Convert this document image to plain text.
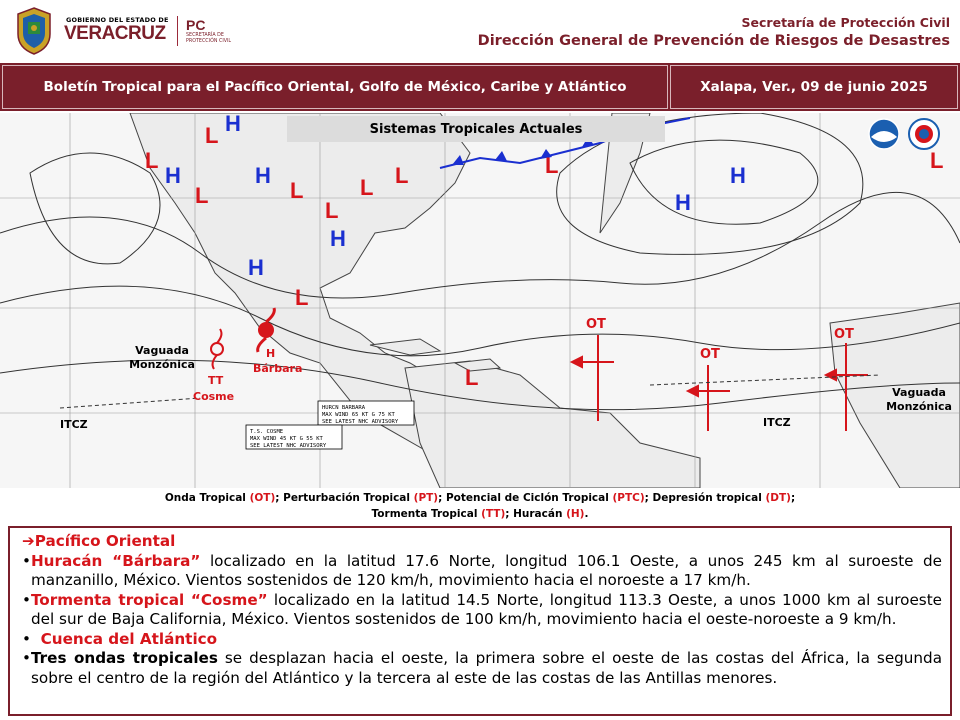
GOBIERNO DEL ESTADO DE
VERACRUZ PC
SECRETARÍA DE PROTECCIÓN CIVIL
Secretaría de Protección Civil
Dirección General de Prevención de Riesgos de Desastres
Boletín Tropical para el Pacífico Oriental, Golfo de México, Caribe y Atlántico	Xalapa, Ver., 09 de junio 2025
L
H
L H
L
H
L
L
H
L L
H
L
L
H
H
L
L
HURCN BARBARA
MAX WIND 65 KT G 75 KT
SEE LATEST NHC ADVISORY
T.S. COSME
MAX WIND 45 KT G 55 KT
SEE LATEST NHC ADVISORY
Sistemas Tropicales Actuales
Vaguada Monzónica
H
Bárbara
TT
Cosme
ITCZ	ITCZ
OT
OT
OT
Vaguada Monzónica
Onda Tropical (OT); Perturbación Tropical (PT); Potencial de Ciclón Tropical (PTC); Depresión tropical (DT);
Tormenta Tropical (TT); Huracán (H).

➔Pacífico Oriental

•Huracán “Bárbara” localizado en la latitud 17.6 Norte, longitud 106.1 Oeste, a unos 245 km al suroeste de manzanillo, México. Vientos sostenidos de 120 km/h, movimiento hacia el noroeste a 17 km/h.

•Tormenta tropical “Cosme” localizado en la latitud 14.5 Norte, longitud 113.3 Oeste, a unos 1000 km al suroeste del sur de Baja California, México. Vientos sostenidos de 100 km/h, movimiento hacia el oeste-noroeste a 9 km/h.

•  Cuenca del Atlántico

•Tres ondas tropicales se desplazan hacia el oeste, la primera sobre el oeste de las costas del África, la segunda sobre el centro de la región del Atlántico y la tercera al este de las costas de las Antillas menores.
